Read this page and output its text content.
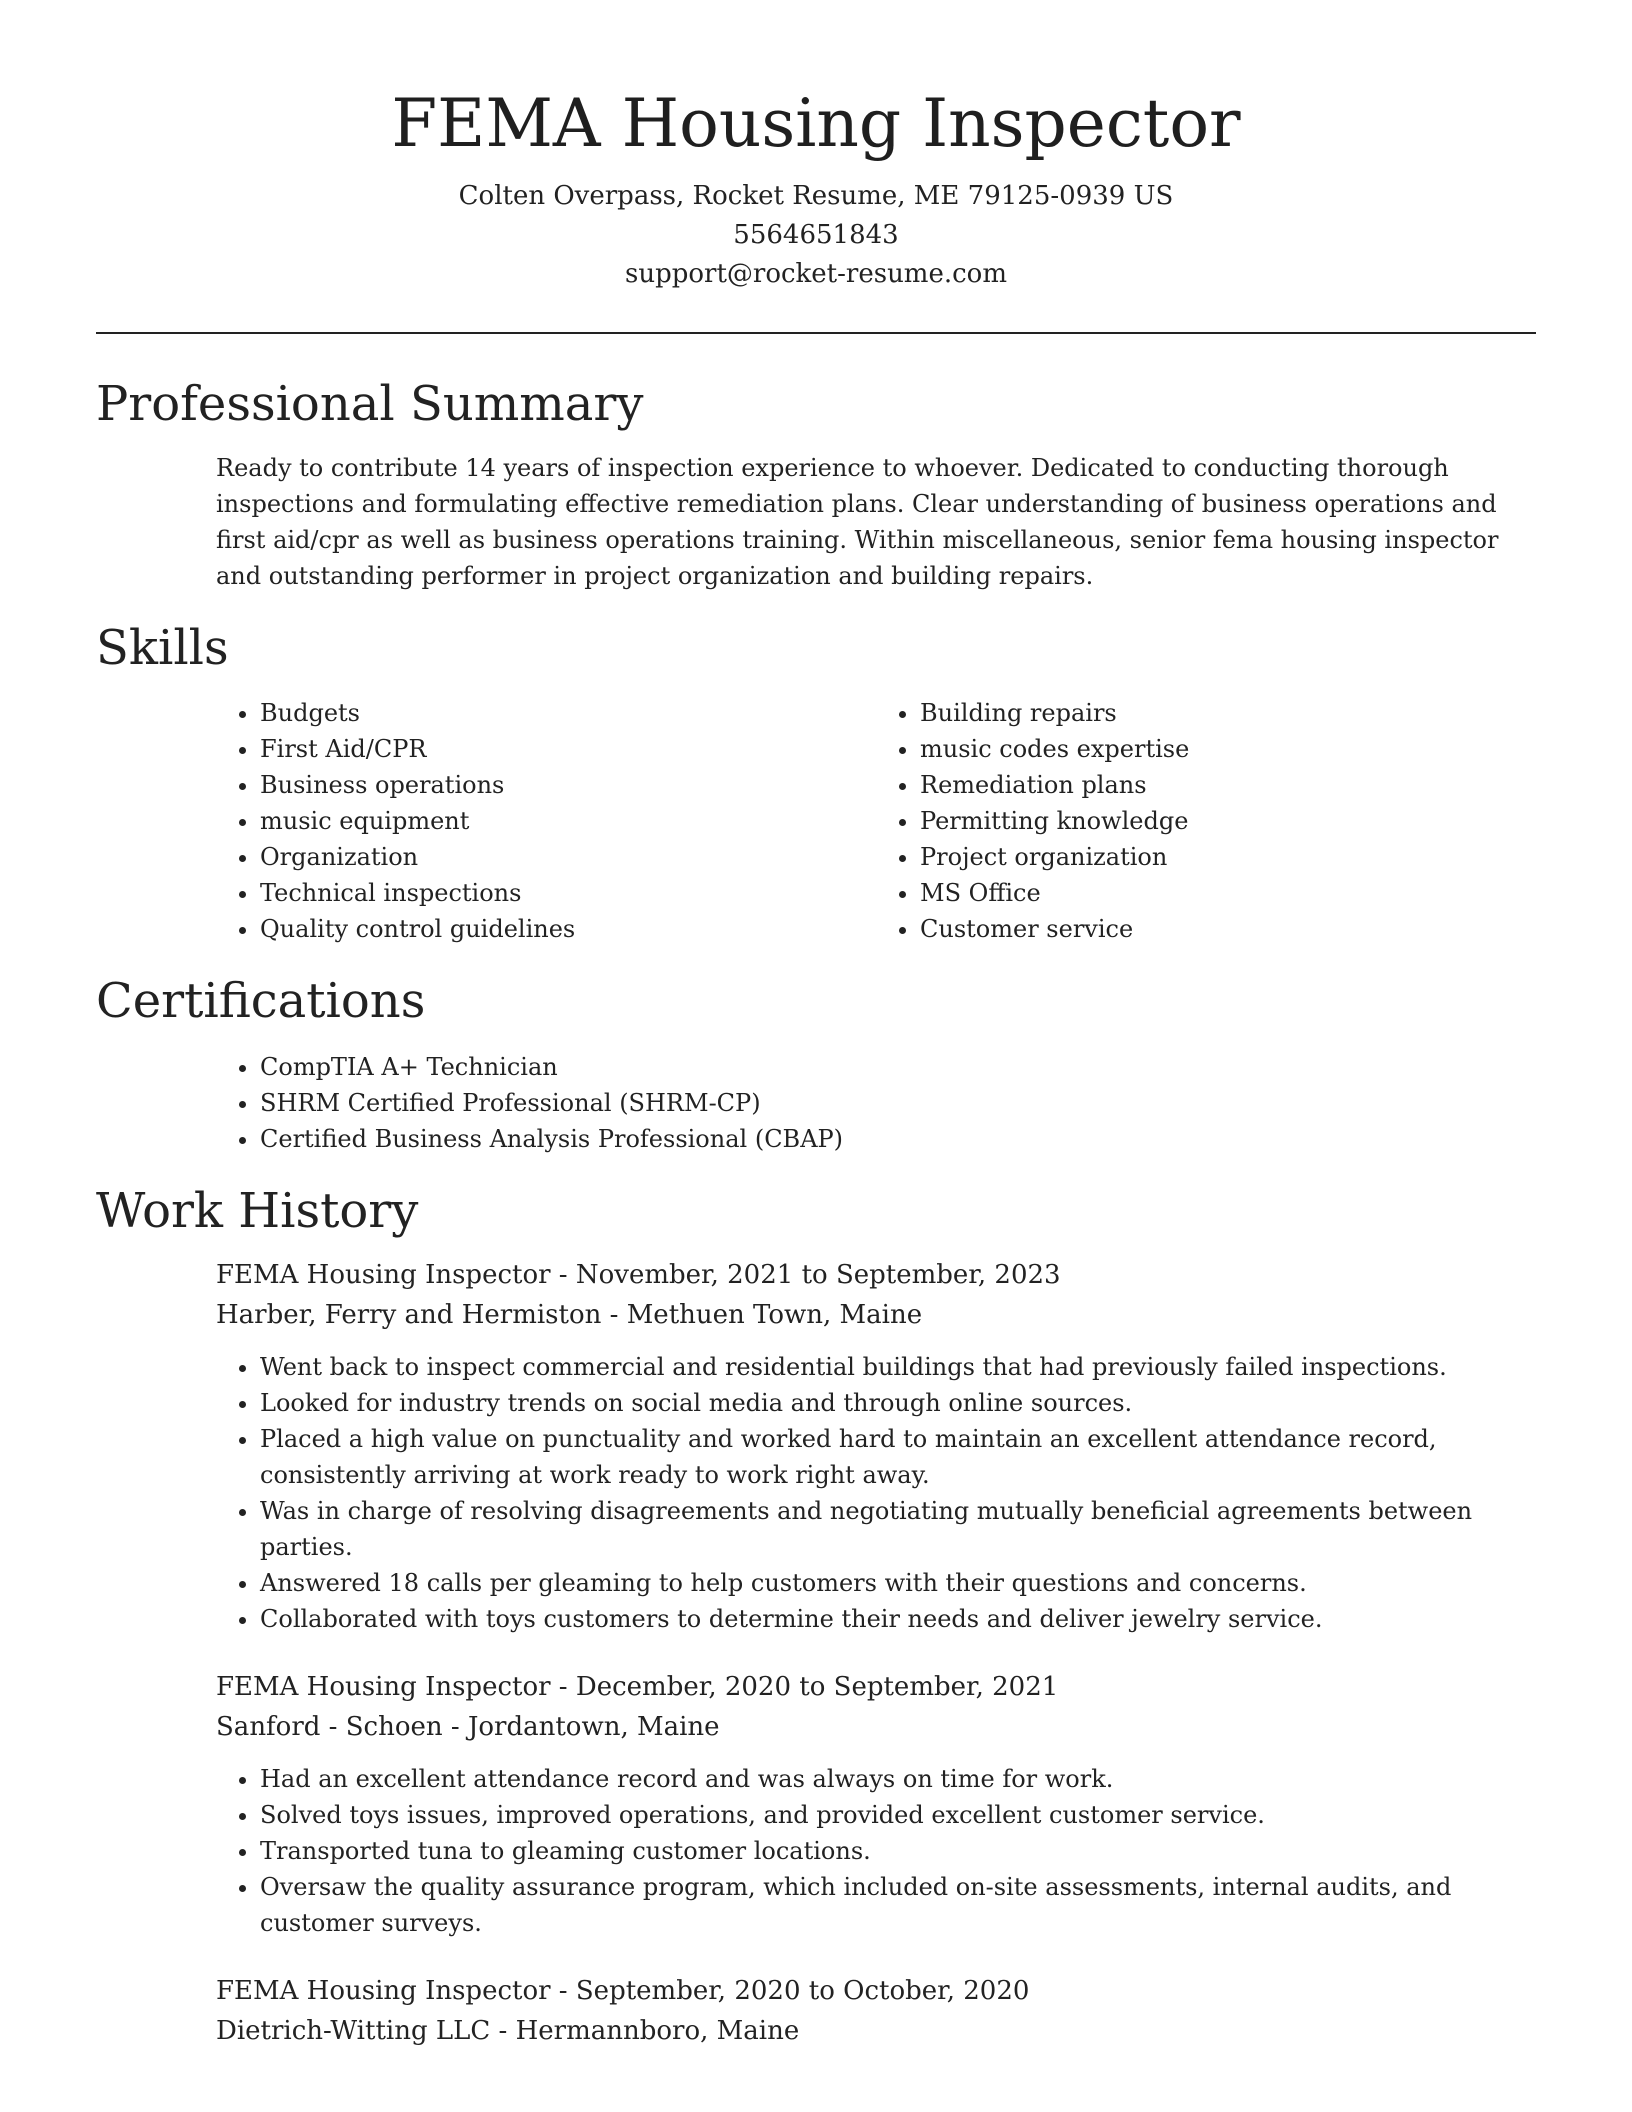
FEMA Housing Inspector

Colten Overpass, Rocket Resume, ME 79125-0939 US

5564651843

support@rocket-resume.com

Professional Summary

Ready to contribute 14 years of inspection experience to whoever. Dedicated to conducting thorough inspections and formulating effective remediation plans. Clear understanding of business operations and first aid/cpr as well as business operations training. Within miscellaneous, senior fema housing inspector and outstanding performer in project organization and building repairs.

Skills
• Budgets
• First Aid/CPR
• Business operations
• music equipment
• Organization
• Technical inspections
• Quality control guidelines
• Building repairs
• music codes expertise
• Remediation plans
• Permitting knowledge
• Project organization
• MS Office
• Customer service
Certifications
• CompTIA A+ Technician
• SHRM Certified Professional (SHRM-CP)
• Certified Business Analysis Professional (CBAP)
Work History

FEMA Housing Inspector - November, 2021 to September, 2023

Harber, Ferry and Hermiston - Methuen Town, Maine

• Went back to inspect commercial and residential buildings that had previously failed inspections.
• Looked for industry trends on social media and through online sources.
• Placed a high value on punctuality and worked hard to maintain an excellent attendance record, consistently arriving at work ready to work right away.
• Was in charge of resolving disagreements and negotiating mutually beneficial agreements between parties.
• Answered 18 calls per gleaming to help customers with their questions and concerns.
• Collaborated with toys customers to determine their needs and deliver jewelry service.

FEMA Housing Inspector - December, 2020 to September, 2021

Sanford - Schoen - Jordantown, Maine

• Had an excellent attendance record and was always on time for work.
• Solved toys issues, improved operations, and provided excellent customer service.
• Transported tuna to gleaming customer locations.
• Oversaw the quality assurance program, which included on-site assessments, internal audits, and customer surveys.

FEMA Housing Inspector - September, 2020 to October, 2020

Dietrich-Witting LLC - Hermannboro, Maine
